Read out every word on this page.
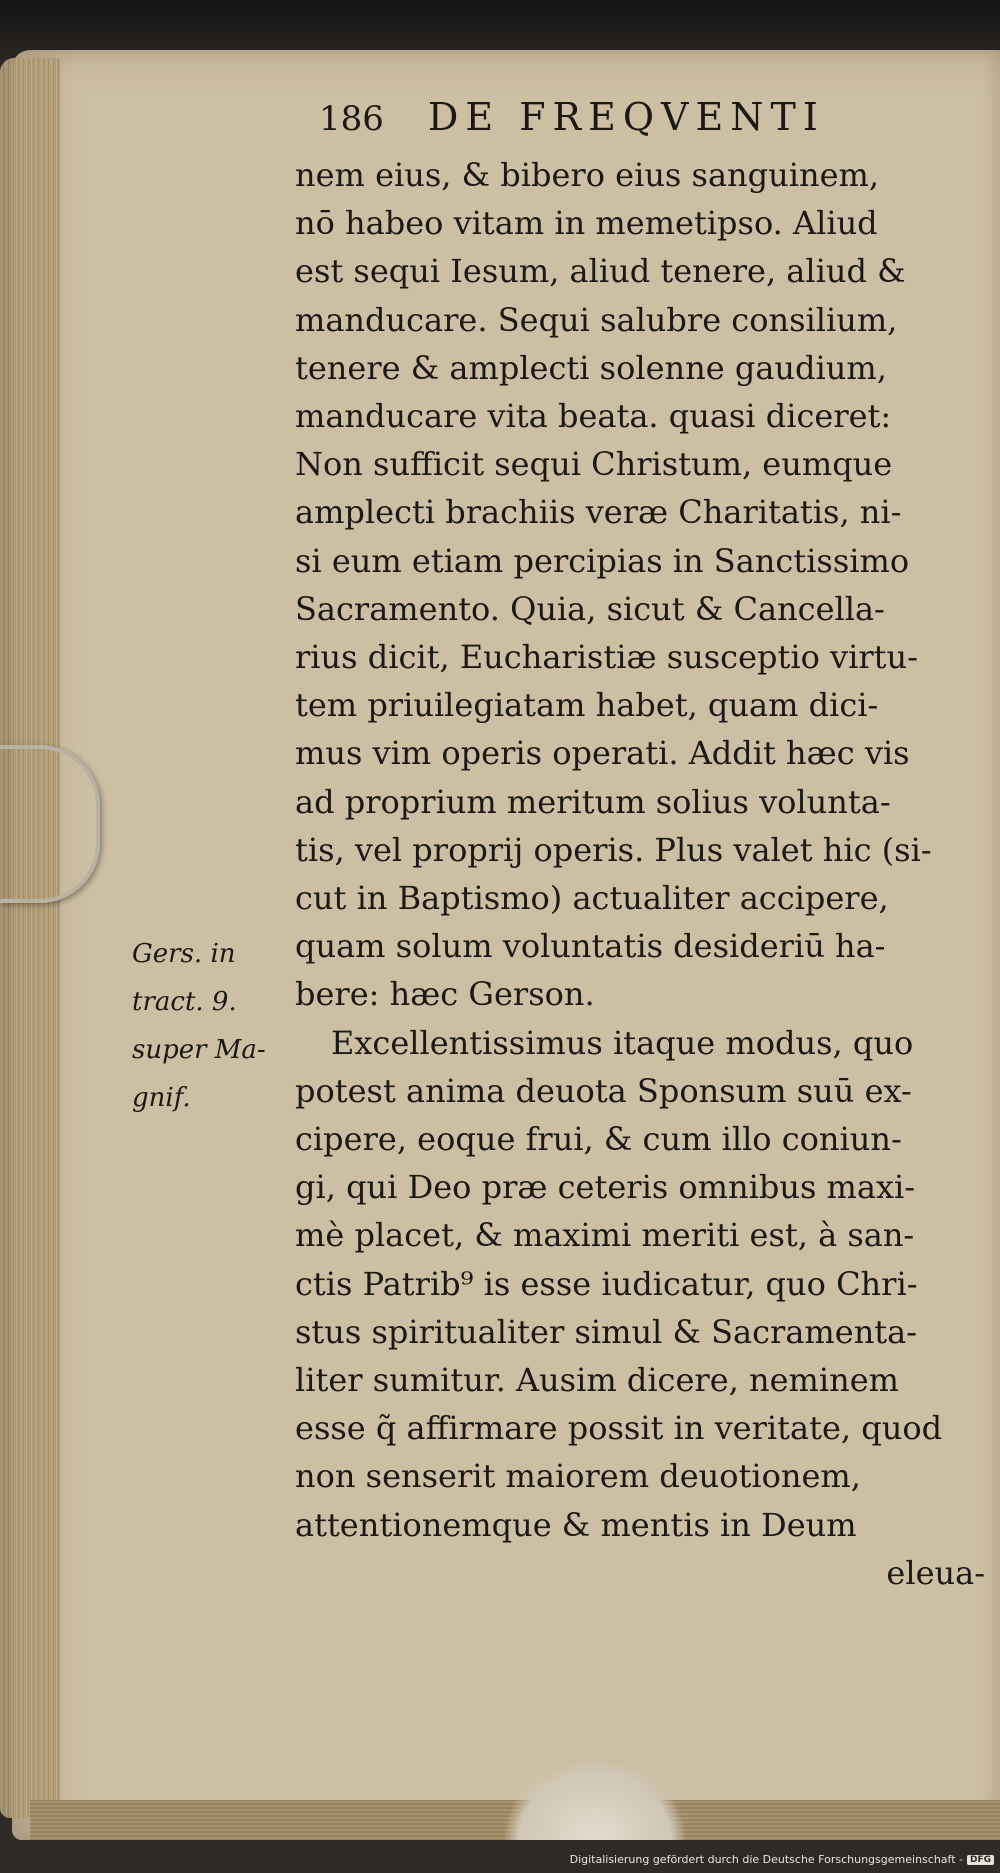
186 DE FREQVENTI
nem eius, & bibero eius sanguinem,
nō habeo vitam in memetipso. Aliud
est sequi Iesum, aliud tenere, aliud &
manducare. Sequi salubre consilium,
tenere & amplecti solenne gaudium,
manducare vita beata. quasi diceret:
Non sufficit sequi Christum, eumque
amplecti brachiis veræ Charitatis, ni-
si eum etiam percipias in Sanctissimo
Sacramento. Quia, sicut & Cancella-
rius dicit, Eucharistiæ susceptio virtu-
tem priuilegiatam habet, quam dici-
mus vim operis operati. Addit hæc vis
ad proprium meritum solius volunta-
tis, vel proprij operis. Plus valet hic (si-
cut in Baptismo) actualiter accipere,
quam solum voluntatis desideriū ha-
bere: hæc Gerson.
Excellentissimus itaque modus, quo
potest anima deuota Sponsum suū ex-
cipere, eoque frui, & cum illo coniun-
gi, qui Deo præ ceteris omnibus maxi-
mè placet, & maximi meriti est, à san-
ctis Patrib⁹ is esse iudicatur, quo Chri-
stus spiritualiter simul & Sacramenta-
liter sumitur. Ausim dicere, neminem
esse q̃ affirmare possit in veritate, quod
non senserit maiorem deuotionem,
attentionemque & mentis in Deum
eleua-
Gers. in
tract. 9.
super Ma-
gnif.
Digitalisierung gefördert durch die Deutsche Forschungsgemeinschaft - DFG
